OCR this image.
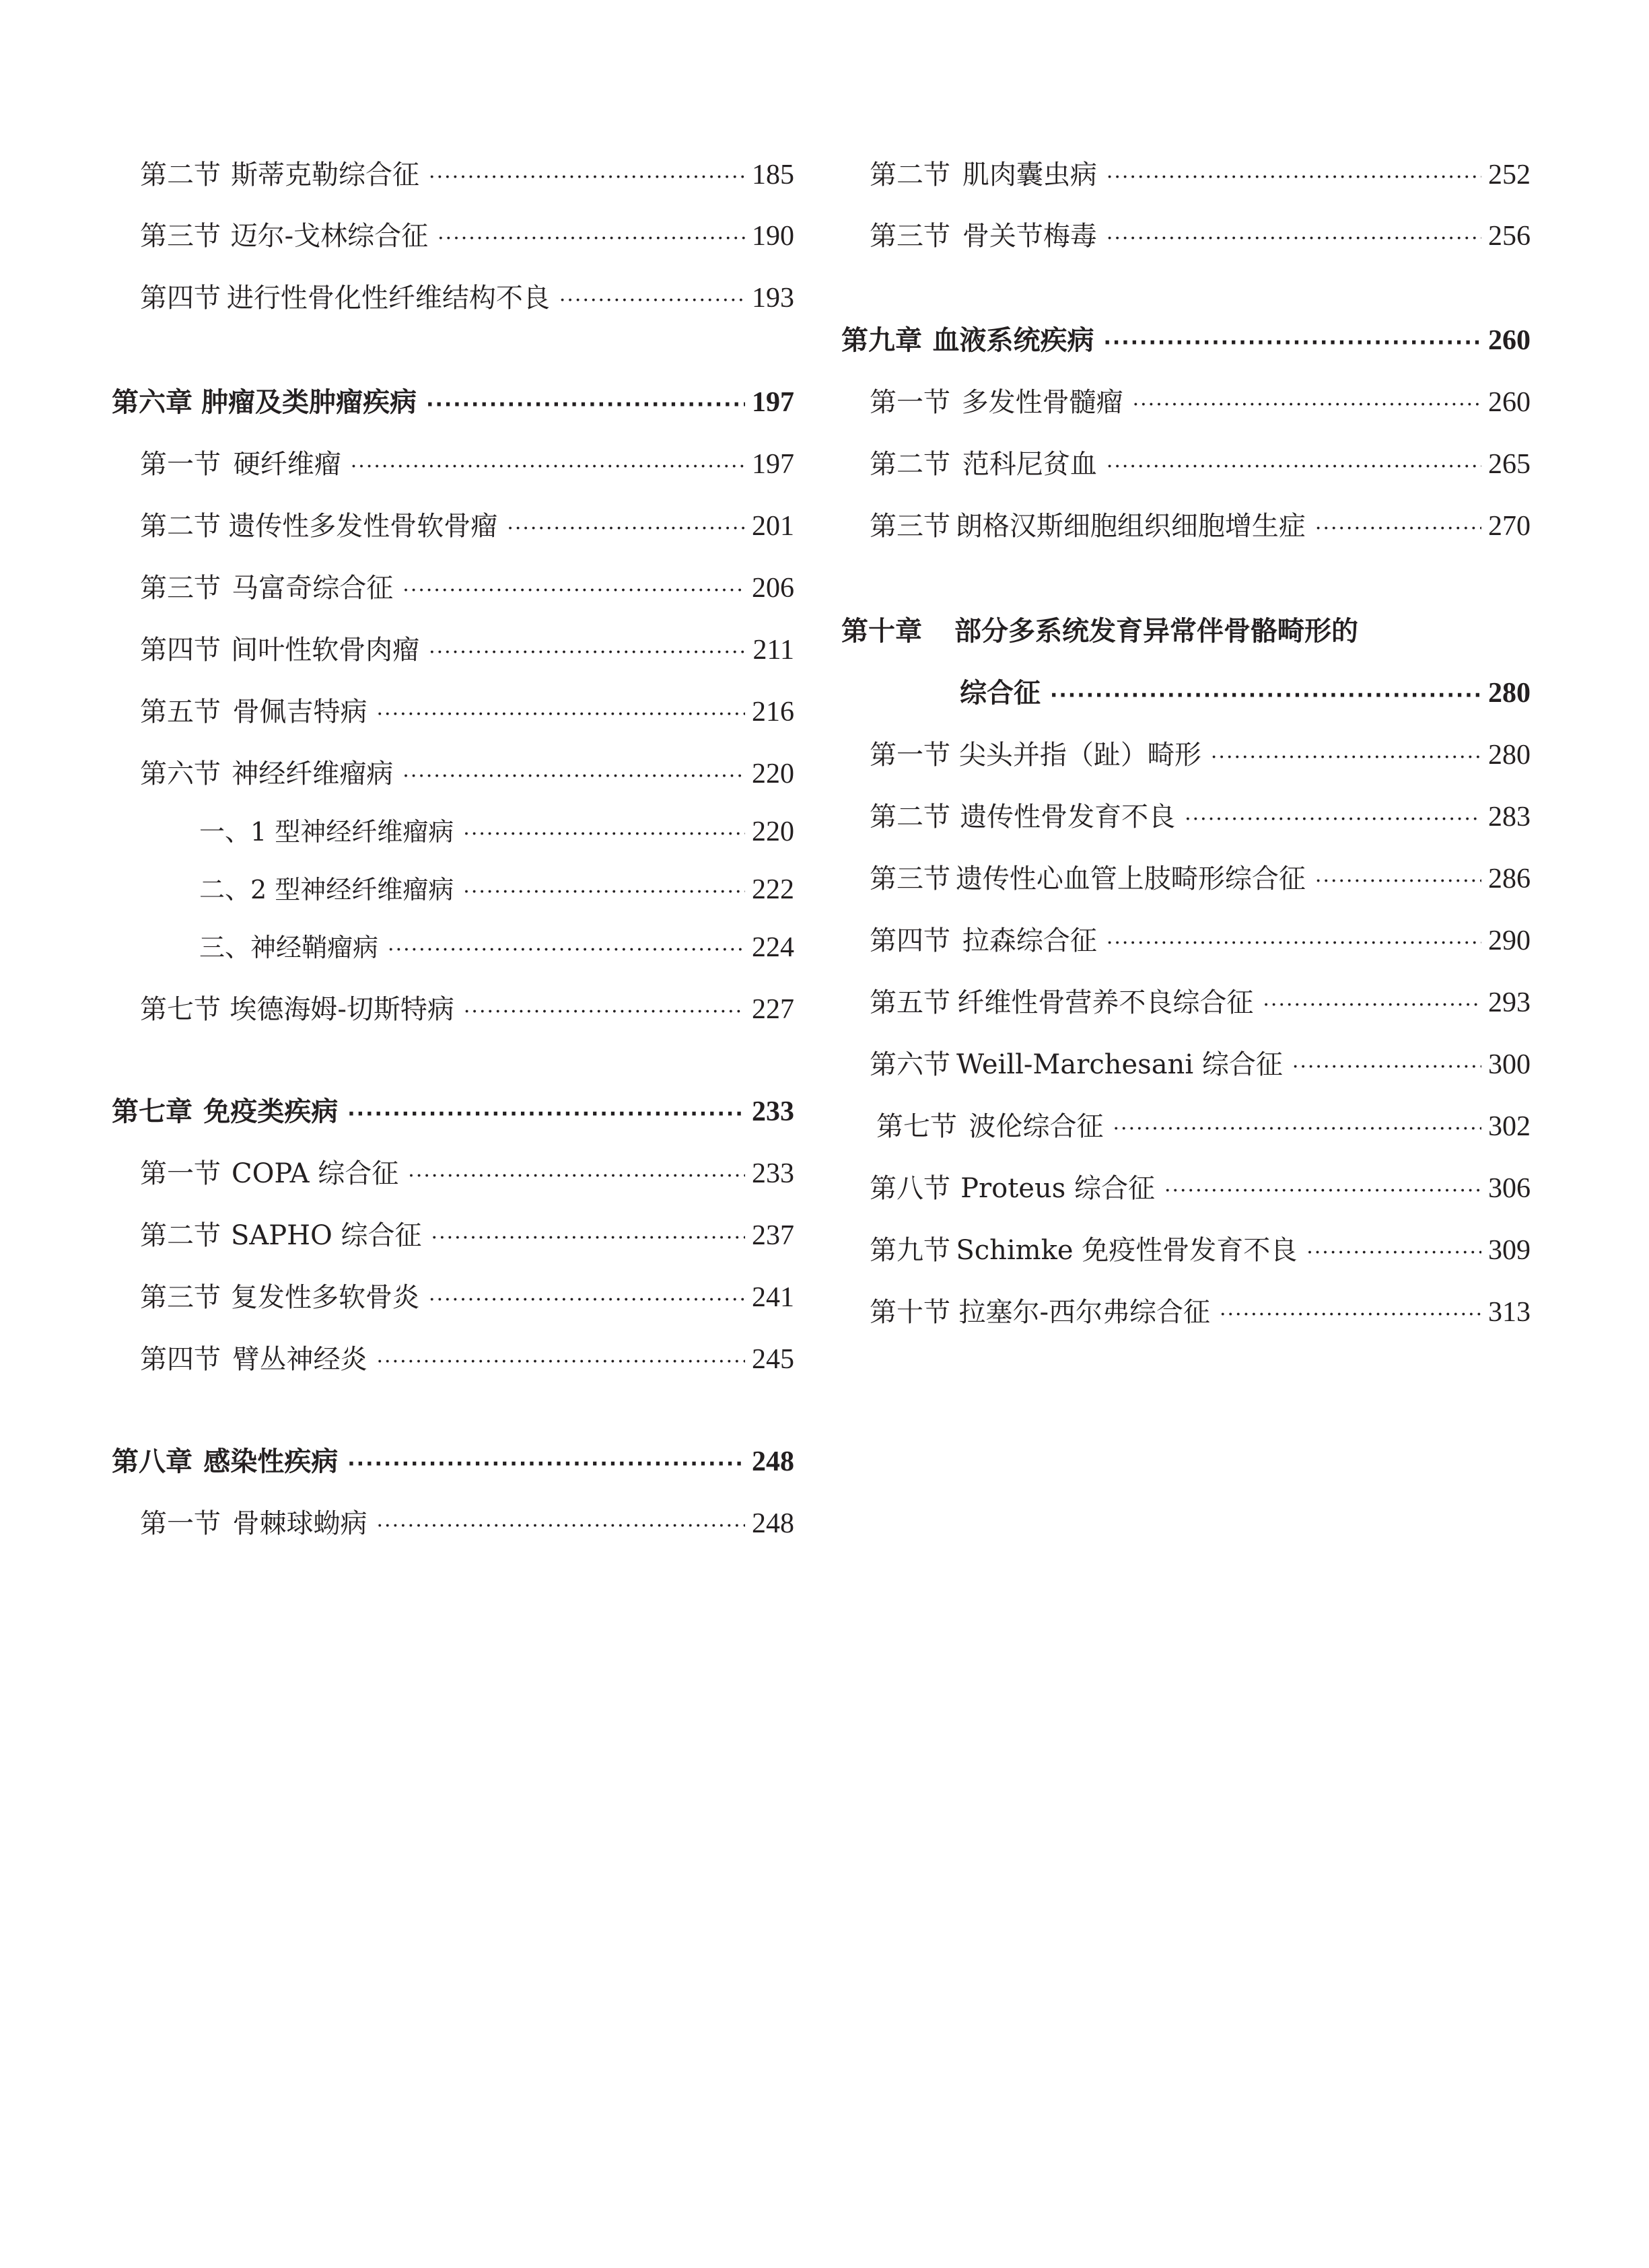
第二节 斯蒂克勒综合征 ·····	185
第三节 迈尔-戈林综合征 ·····	190
第四节 进行性骨化性纤维结构不良 ·····	193
第六章 肿瘤及类肿瘤疾病 ·····	197
第一节 硬纤维瘤 ·····	197
第二节 遗传性多发性骨软骨瘤 ·····	201
第三节 马富奇综合征 ·····	206
第四节 间叶性软骨肉瘤 ·····	211
第五节 骨佩吉特病 ·····	216
第六节 神经纤维瘤病 ·····	220
一、 1 型神经纤维瘤病 ·····	220
二、 2 型神经纤维瘤病 ·····	222
三、 神经鞘瘤病 ·····	224
第七节 埃德海姆-切斯特病 ·····	227
第七章 免疫类疾病 ·····	233
第一节 COPA 综合征 ·····	233
第二节 SAPHO 综合征 ·····	237
第三节 复发性多软骨炎 ·····	241
第四节 臂丛神经炎 ·····	245
第八章 感染性疾病 ·····	248
第一节 骨棘球蚴病 ·····	248
第二节 肌肉囊虫病 ·····	252
第三节 骨关节梅毒 ·····	256
第九章 血液系统疾病 ·····	260
第一节 多发性骨髓瘤 ·····	260
第二节 范科尼贫血 ·····	265
第三节 朗格汉斯细胞组织细胞增生症 ·····	270
第十章 部分多系统发育异常伴骨骼畸形的
综合征 ·····	280
第一节 尖头并指（趾）畸形 ·····	280
第二节 遗传性骨发育不良 ·····	283
第三节 遗传性心血管上肢畸形综合征 ·····	286
第四节 拉森综合征 ·····	290
第五节 纤维性骨营养不良综合征 ·····	293
第六节 Weill-Marchesani 综合征 ·····	300
第七节 波伦综合征 ·····	302
第八节 Proteus 综合征 ·····	306
第九节 Schimke 免疫性骨发育不良 ·····	309
第十节 拉塞尔-西尔弗综合征 ·····	313
